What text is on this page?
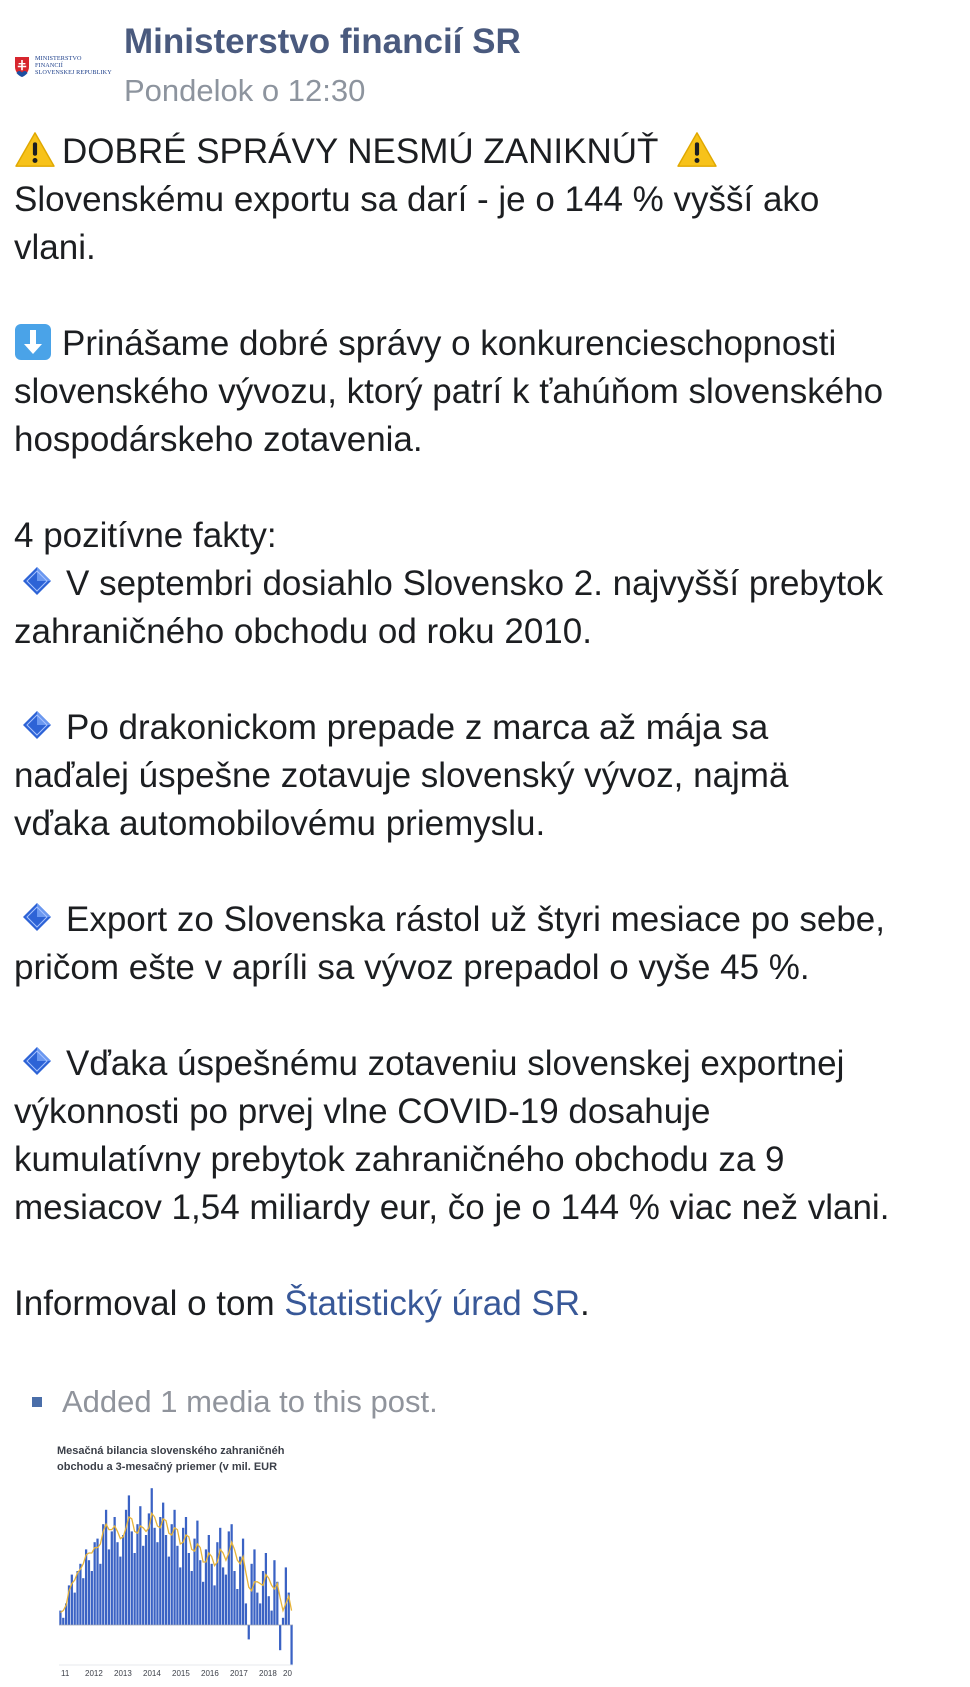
MINISTERSTVO
FINANCIÍ
SLOVENSKEJ REPUBLIKY
Ministerstvo financií SR
Pondelok o 12:30

DOBRÉ SPRÁVY NESMÚ ZANIKNÚŤ

Slovenskému exportu sa darí - je o 144 % vyšší ako

vlani.

Prinášame dobré správy o konkurencieschopnosti

slovenského vývozu, ktorý patrí k ťahúňom slovenského

hospodárskeho zotavenia.

4 pozitívne fakty:

V septembri dosiahlo Slovensko 2. najvyšší prebytok

zahraničného obchodu od roku 2010.

Po drakonickom prepade z marca až mája sa

naďalej úspešne zotavuje slovenský vývoz, najmä

vďaka automobilovému priemyslu.

Export zo Slovenska rástol už štyri mesiace po sebe,

pričom ešte v apríli sa vývoz prepadol o vyše 45 %.

Vďaka úspešnému zotaveniu slovenskej exportnej

výkonnosti po prvej vlne COVID-19 dosahuje

kumulatívny prebytok zahraničného obchodu za 9

mesiacov 1,54 miliardy eur, čo je o 144 % viac než vlani.

Informoval o tom Štatistický úrad SR.

Added 1 media to this post.
Mesačná bilancia slovenského zahraničnéh
obchodu a 3-mesačný priemer (v mil. EUR
11 2012 2013 2014 2015 2016 2017 2018 20
